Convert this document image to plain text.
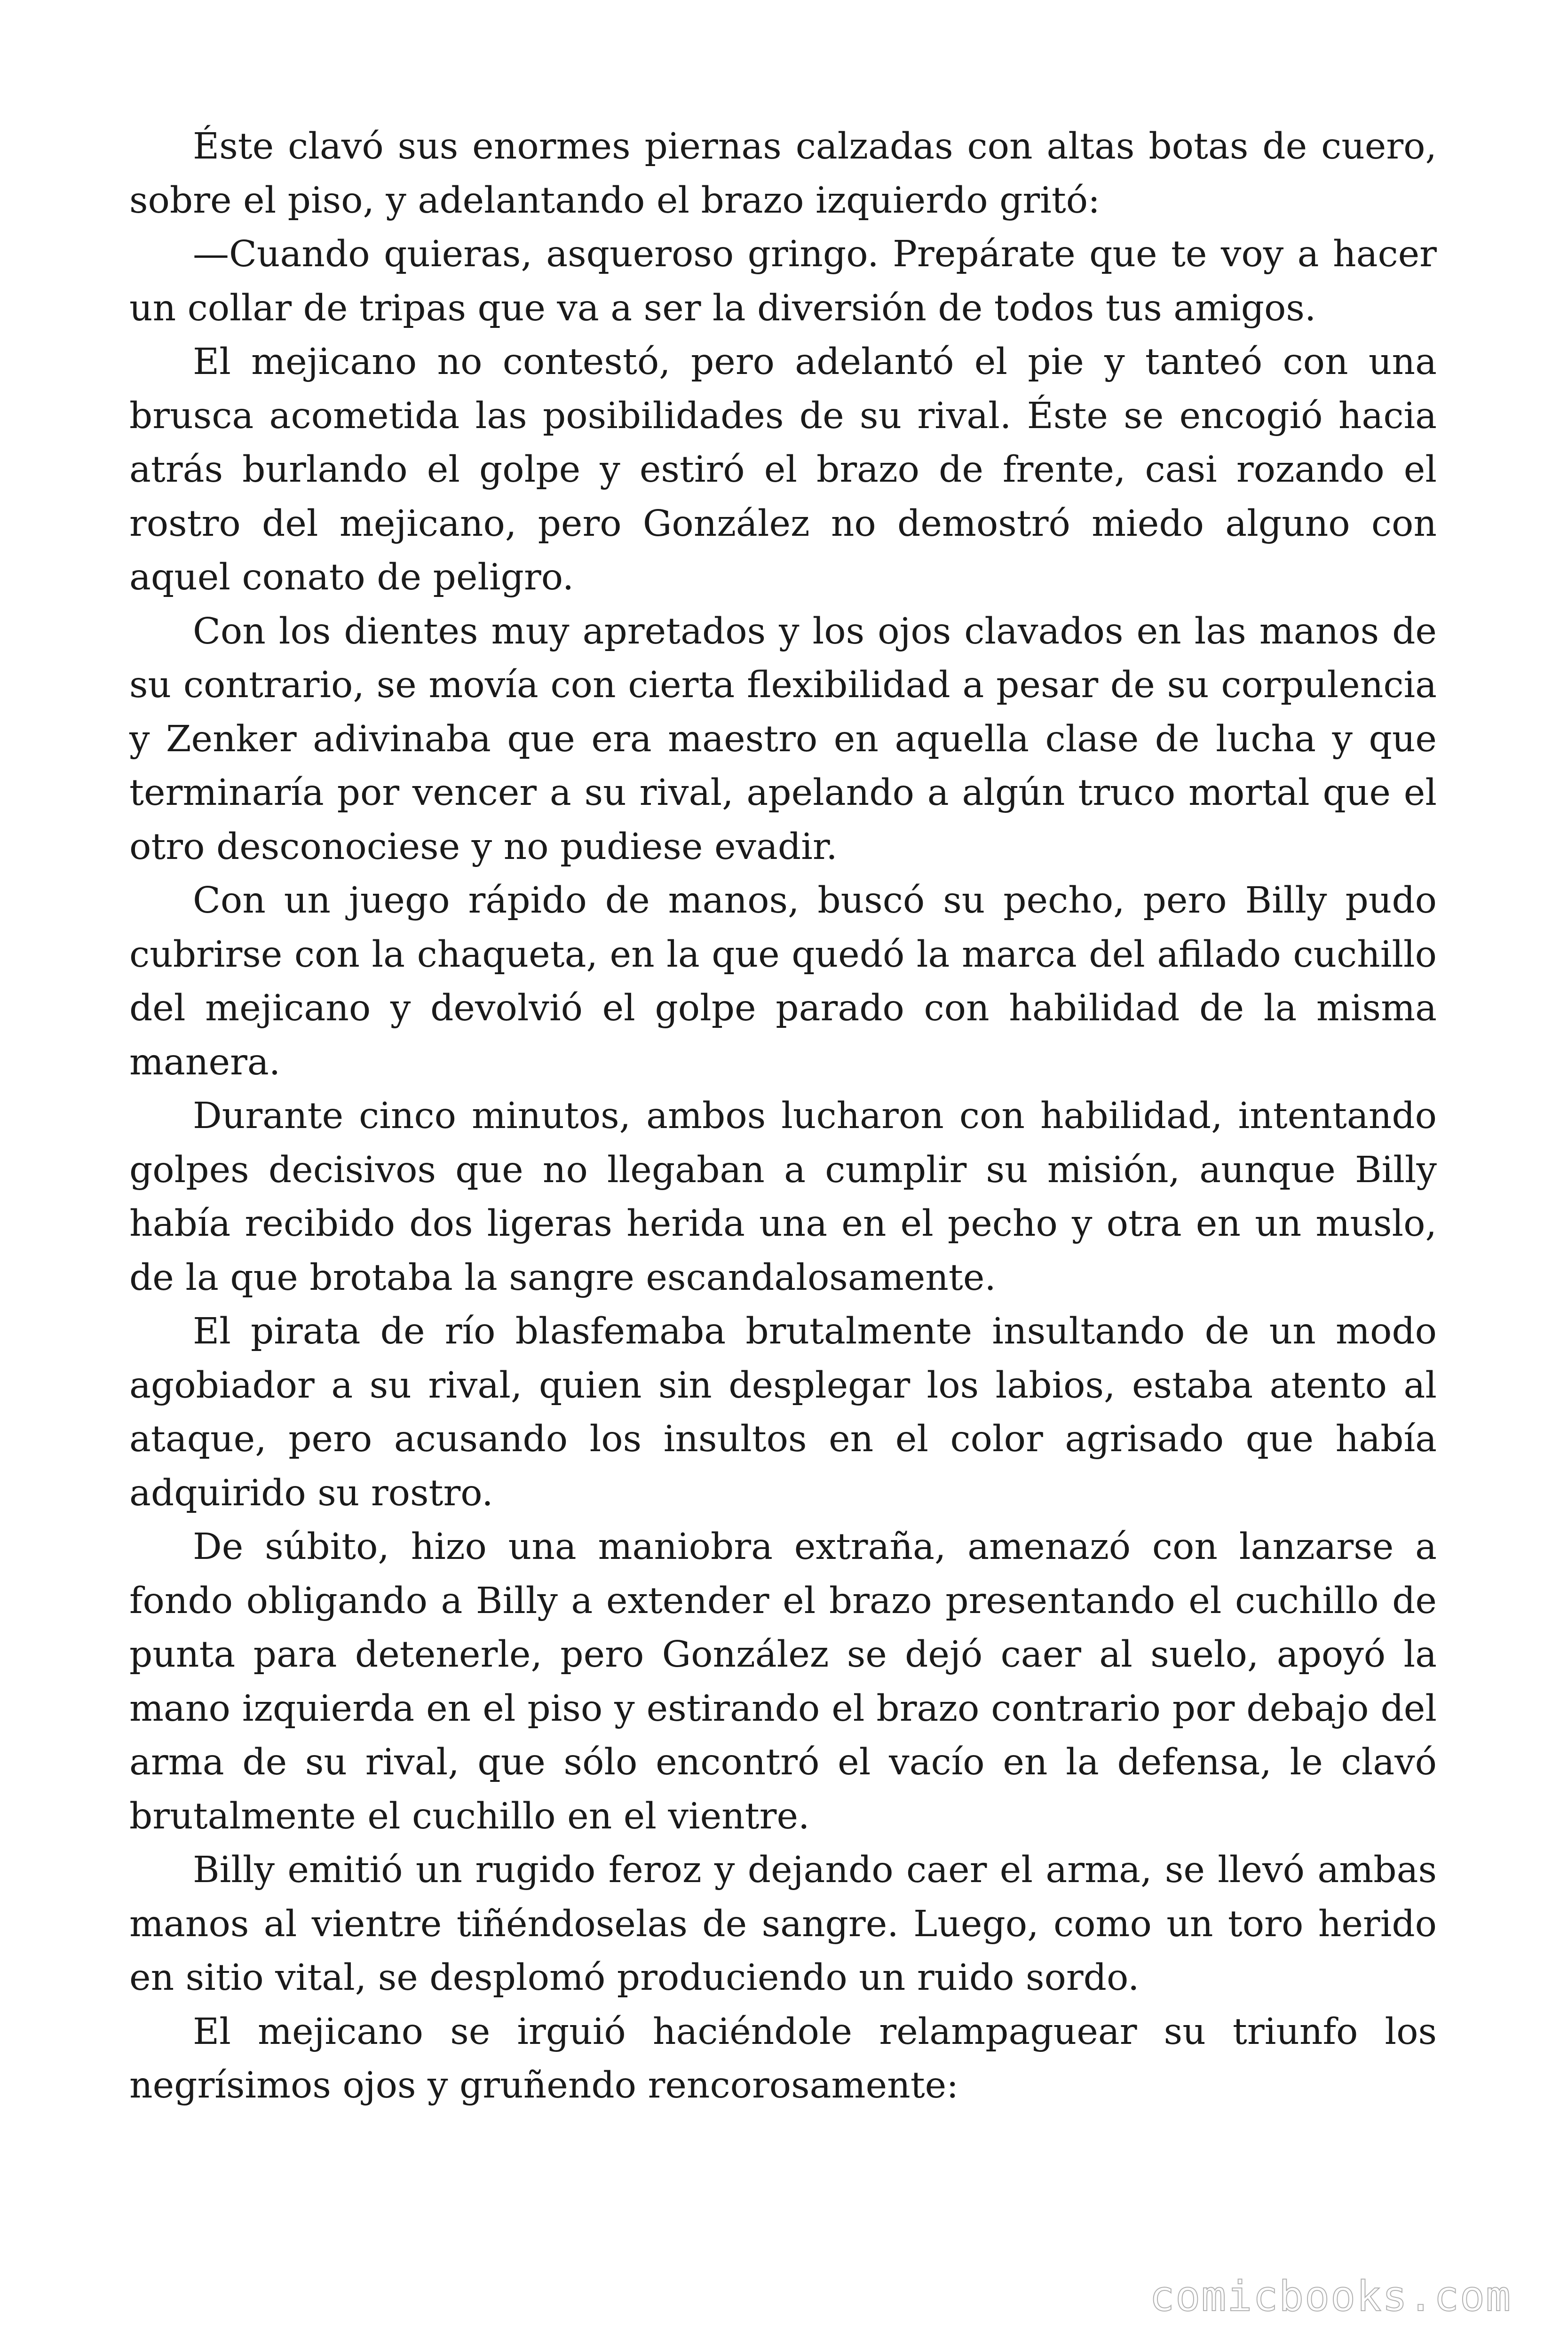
Éste clavó sus enormes piernas calzadas con altas botas de cuero, sobre el piso, y adelantando el brazo izquierdo gritó:

—Cuando quieras, asqueroso gringo. Prepárate que te voy a hacer un collar de tripas que va a ser la diversión de todos tus amigos.

El mejicano no contestó, pero adelantó el pie y tanteó con una brusca acometida las posibilidades de su rival. Éste se encogió hacia atrás burlando el golpe y estiró el brazo de frente, casi rozando el rostro del mejicano, pero González no demostró miedo alguno con aquel conato de peligro.

Con los dientes muy apretados y los ojos clavados en las manos de su contrario, se movía con cierta flexibilidad a pesar de su corpulencia y Zenker adivinaba que era maestro en aquella clase de lucha y que terminaría por vencer a su rival, apelando a algún truco mortal que el otro desconociese y no pudiese evadir.

Con un juego rápido de manos, buscó su pecho, pero Billy pudo cubrirse con la chaqueta, en la que quedó la marca del afilado cuchillo del mejicano y devolvió el golpe parado con habilidad de la misma manera.

Durante cinco minutos, ambos lucharon con habilidad, intentando golpes decisivos que no llegaban a cumplir su misión, aunque Billy había recibido dos ligeras herida una en el pecho y otra en un muslo, de la que brotaba la sangre escandalosamente.

El pirata de río blasfemaba brutalmente insultando de un modo agobiador a su rival, quien sin desplegar los labios, estaba atento al ataque, pero acusando los insultos en el color agrisado que había adquirido su rostro.

De súbito, hizo una maniobra extraña, amenazó con lanzarse a fondo obligando a Billy a extender el brazo presentando el cuchillo de punta para detenerle, pero González se dejó caer al suelo, apoyó la mano izquierda en el piso y estirando el brazo contrario por debajo del arma de su rival, que sólo encontró el vacío en la defensa, le clavó brutalmente el cuchillo en el vientre.

Billy emitió un rugido feroz y dejando caer el arma, se llevó ambas manos al vientre tiñéndoselas de sangre. Luego, como un toro herido en sitio vital, se desplomó produciendo un ruido sordo.

El mejicano se irguió haciéndole relampaguear su triunfo los negrísimos ojos y gruñendo rencorosamente:

comicbooks.com
